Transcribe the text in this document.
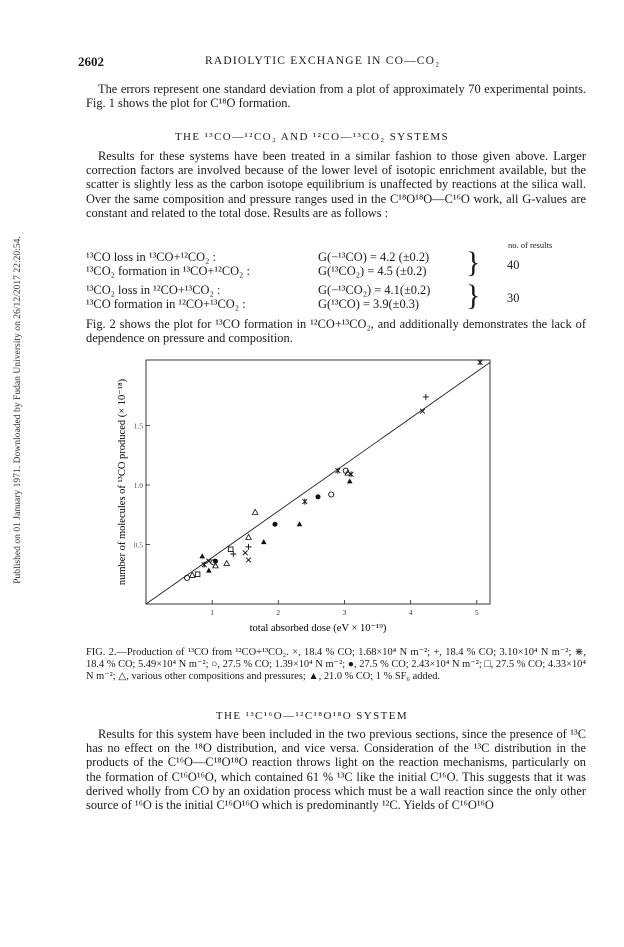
Published on 01 January 1971. Downloaded by Fudan University on 26/12/2017 22:20:54.
2602	RADIOLYTIC EXCHANGE IN CO—CO₂
The errors represent one standard deviation from a plot of approximately 70 experimental points. Fig. 1 shows the plot for C¹⁸O formation.
THE ¹³CO—¹²CO₂ AND ¹²CO—¹³CO₂ SYSTEMS
Results for these systems have been treated in a similar fashion to those given above. Larger correction factors are involved because of the lower level of isotopic enrichment available, but the scatter is slightly less as the carbon isotope equilibrium is unaffected by reactions at the silica wall. Over the same composition and pressure ranges used in the C¹⁸O¹⁸O—C¹⁶O work, all G-values are constant and related to the total dose. Results are as follows :
no. of results
¹³CO loss in ¹³CO+¹²CO₂ :	G(−¹³CO) = 4.2 (±0.2)
¹³CO₂ formation in ¹³CO+¹²CO₂ :	G(¹³CO₂) = 4.5 (±0.2) } 40
¹³CO₂ loss in ¹²CO+¹³CO₂ :	G(−¹³CO₂) = 4.1(±0.2)
¹³CO formation in ¹²CO+¹³CO₂ :	G(¹³CO) = 3.9(±0.3) } 30
Fig. 2 shows the plot for ¹³CO formation in ¹²CO+¹³CO₂, and additionally demonstrates the lack of dependence on pressure and composition.
1	2	3	4	5
0.5
1.0
1.5
total absorbed dose (eV × 10⁻¹⁹)
number of molecules of ¹³CO produced (× 10⁻¹⁸)
FIG. 2.—Production of ¹³CO from ¹²CO+¹³CO₂. ×, 18.4 % CO; 1.68×10⁴ N m⁻²; +, 18.4 % CO; 3.10×10⁴ N m⁻²; ⋇, 18.4 % CO; 5.49×10⁴ N m⁻²; ○, 27.5 % CO; 1.39×10⁴ N m⁻²; ●, 27.5 % CO; 2.43×10⁴ N m⁻²; □, 27.5 % CO; 4.33×10⁴ N m⁻²; △, various other compositions and pressures; ▲, 21.0 % CO; 1 % SF₆ added.
THE ¹³C¹⁶O—¹²C¹⁸O¹⁸O SYSTEM
Results for this system have been included in the two previous sections, since the presence of ¹³C has no effect on the ¹⁸O distribution, and vice versa. Consideration of the ¹³C distribution in the products of the C¹⁶O—C¹⁸O¹⁸O reaction throws light on the reaction mechanisms, particularly on the formation of C¹⁶O¹⁶O, which contained 61 % ¹³C like the initial C¹⁶O. This suggests that it was derived wholly from CO by an oxidation process which must be a wall reaction since the only other source of ¹⁶O is the initial C¹⁶O¹⁶O which is predominantly ¹²C. Yields of C¹⁶O¹⁶O
